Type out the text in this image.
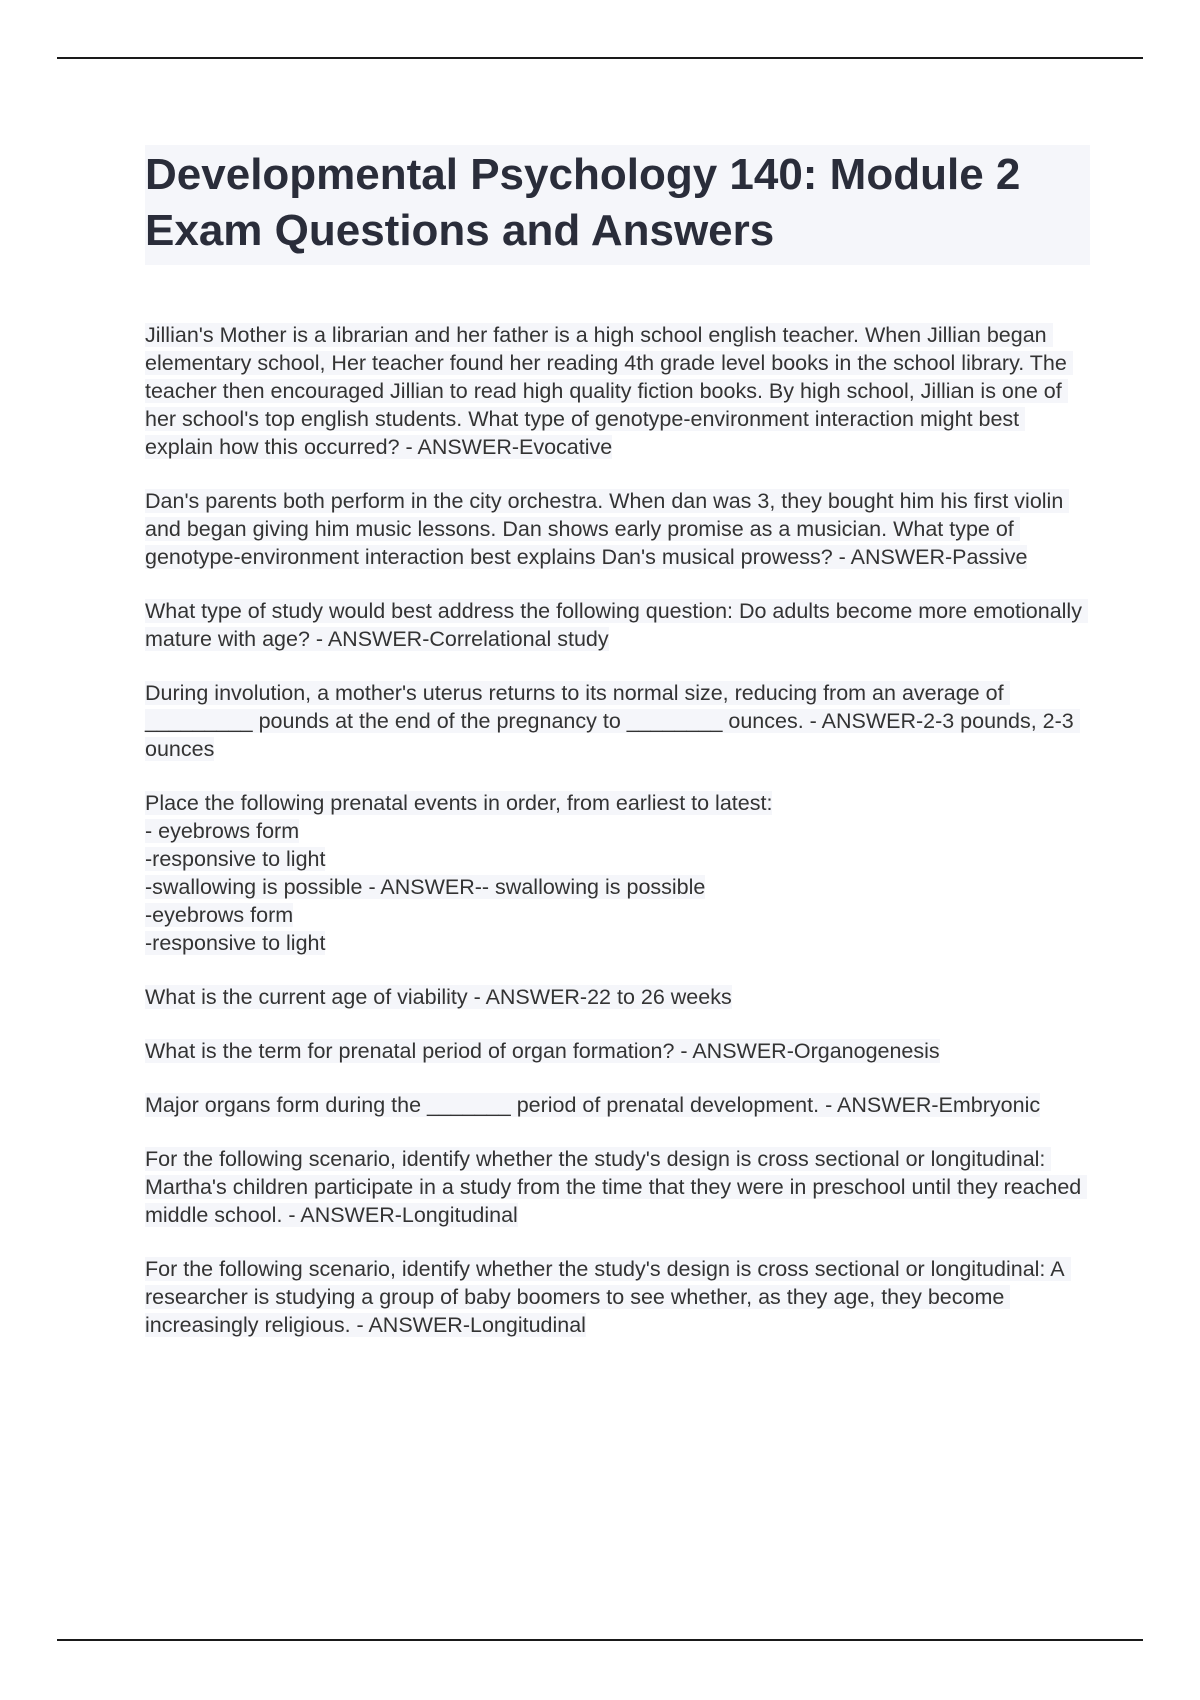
Developmental Psychology 140: Module 2 Exam Questions and Answers

Jillian's Mother is a librarian and her father is a high school english teacher. When Jillian began elementary school, Her teacher found her reading 4th grade level books in the school library. The teacher then encouraged Jillian to read high quality fiction books. By high school, Jillian is one of her school's top english students. What type of genotype-environment interaction might best explain how this occurred? - ANSWER-Evocative

Dan's parents both perform in the city orchestra. When dan was 3, they bought him his first violin and began giving him music lessons. Dan shows early promise as a musician. What type of genotype-environment interaction best explains Dan's musical prowess? - ANSWER-Passive

What type of study would best address the following question: Do adults become more emotionally mature with age? - ANSWER-Correlational study

During involution, a mother's uterus returns to its normal size, reducing from an average of _________ pounds at the end of the pregnancy to ________ ounces. - ANSWER-2-3 pounds, 2-3 ounces

Place the following prenatal events in order, from earliest to latest:
- eyebrows form
-responsive to light
-swallowing is possible - ANSWER-- swallowing is possible
-eyebrows form
-responsive to light

What is the current age of viability - ANSWER-22 to 26 weeks

What is the term for prenatal period of organ formation? - ANSWER-Organogenesis

Major organs form during the _______ period of prenatal development. - ANSWER-Embryonic

For the following scenario, identify whether the study's design is cross sectional or longitudinal: Martha's children participate in a study from the time that they were in preschool until they reached middle school. - ANSWER-Longitudinal

For the following scenario, identify whether the study's design is cross sectional or longitudinal: A researcher is studying a group of baby boomers to see whether, as they age, they become increasingly religious. - ANSWER-Longitudinal
